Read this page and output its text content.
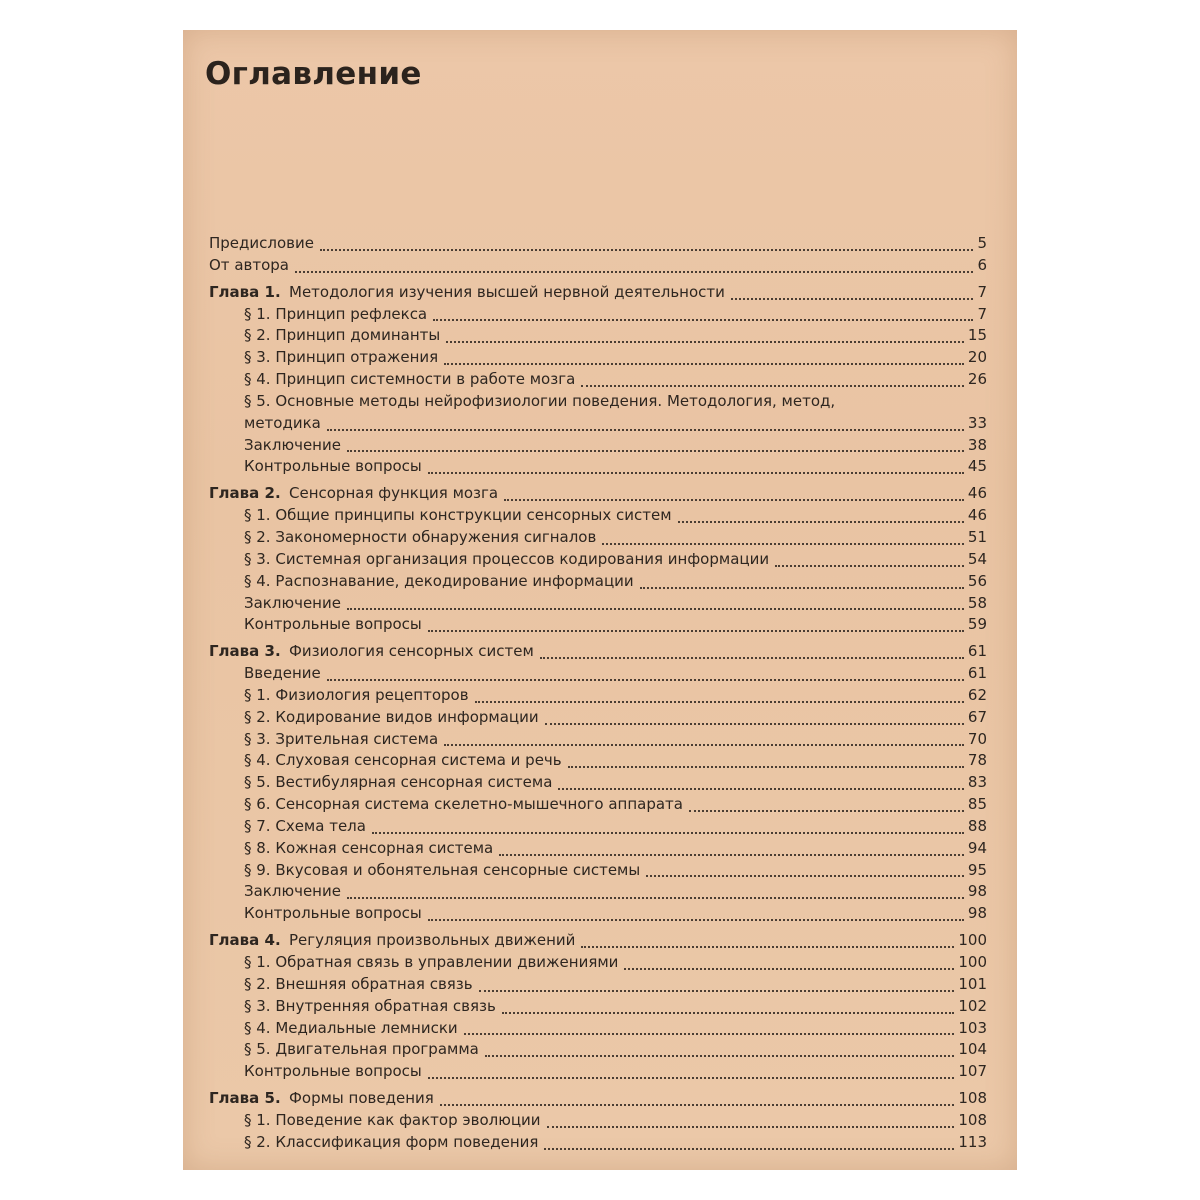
Оглавление
Предисловие	5
От автора	6
Глава 1. Методология изучения высшей нервной деятельности	7
§ 1. Принцип рефлекса	7
§ 2. Принцип доминанты	15
§ 3. Принцип отражения	20
§ 4. Принцип системности в работе мозга	26
§ 5. Основные методы нейрофизиологии поведения. Методология, метод,
методика	33
Заключение	38
Контрольные вопросы	45
Глава 2. Сенсорная функция мозга	46
§ 1. Общие принципы конструкции сенсорных систем	46
§ 2. Закономерности обнаружения сигналов	51
§ 3. Системная организация процессов кодирования информации	54
§ 4. Распознавание, декодирование информации	56
Заключение	58
Контрольные вопросы	59
Глава 3. Физиология сенсорных систем	61
Введение	61
§ 1. Физиология рецепторов	62
§ 2. Кодирование видов информации	67
§ 3. Зрительная система	70
§ 4. Слуховая сенсорная система и речь	78
§ 5. Вестибулярная сенсорная система	83
§ 6. Сенсорная система скелетно-мышечного аппарата	85
§ 7. Схема тела	88
§ 8. Кожная сенсорная система	94
§ 9. Вкусовая и обонятельная сенсорные системы	95
Заключение	98
Контрольные вопросы	98
Глава 4. Регуляция произвольных движений	100
§ 1. Обратная связь в управлении движениями	100
§ 2. Внешняя обратная связь	101
§ 3. Внутренняя обратная связь	102
§ 4. Медиальные лемниски	103
§ 5. Двигательная программа	104
Контрольные вопросы	107
Глава 5. Формы поведения	108
§ 1. Поведение как фактор эволюции	108
§ 2. Классификация форм поведения	113
